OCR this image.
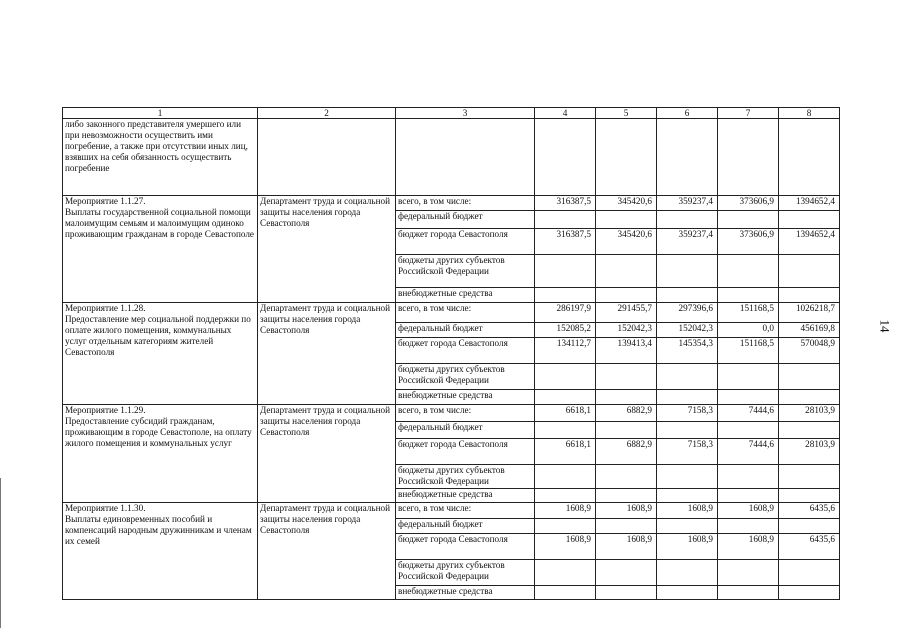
14
1	2	3	4	5	6	7	8
либо законного представителя умершего или при невозможности осуществить ими погребение, а также при отсутствии иных лиц, взявших на себя обязанность осуществить погребение							
Мероприятие 1.1.27.
Выплаты государственной социальной помощи малоимущим семьям и малоимущим одиноко проживающим гражданам в городе Севастополе	Департамент труда и социальной защиты населения города Севастополя	всего, в том числе:	316387,5	345420,6	359237,4	373606,9	1394652,4
		федеральный бюджет					
		бюджет города Севастополя	316387,5	345420,6	359237,4	373606,9	1394652,4
		бюджеты других субъектов Российской Федерации					
		внебюджетные средства					
Мероприятие 1.1.28.
Предоставление мер социальной поддержки по оплате жилого помещения, коммунальных услуг отдельным категориям жителей Севастополя	Департамент труда и социальной защиты населения города Севастополя	всего, в том числе:	286197,9	291455,7	297396,6	151168,5	1026218,7
		федеральный бюджет	152085,2	152042,3	152042,3	0,0	456169,8
		бюджет города Севастополя	134112,7	139413,4	145354,3	151168,5	570048,9
		бюджеты других субъектов Российской Федерации					
		внебюджетные средства					
Мероприятие 1.1.29.
Предоставление субсидий гражданам, проживающим в городе Севастополе, на оплату жилого помещения и коммунальных услуг	Департамент труда и социальной защиты населения города Севастополя	всего, в том числе:	6618,1	6882,9	7158,3	7444,6	28103,9
		федеральный бюджет					
		бюджет города Севастополя	6618,1	6882,9	7158,3	7444,6	28103,9
		бюджеты других субъектов Российской Федерации					
		внебюджетные средства					
Мероприятие 1.1.30.
Выплаты единовременных пособий и компенсаций народным дружинникам и членам их семей	Департамент труда и социальной защиты населения города Севастополя	всего, в том числе:	1608,9	1608,9	1608,9	1608,9	6435,6
		федеральный бюджет					
		бюджет города Севастополя	1608,9	1608,9	1608,9	1608,9	6435,6
		бюджеты других субъектов Российской Федерации					
		внебюджетные средства					
